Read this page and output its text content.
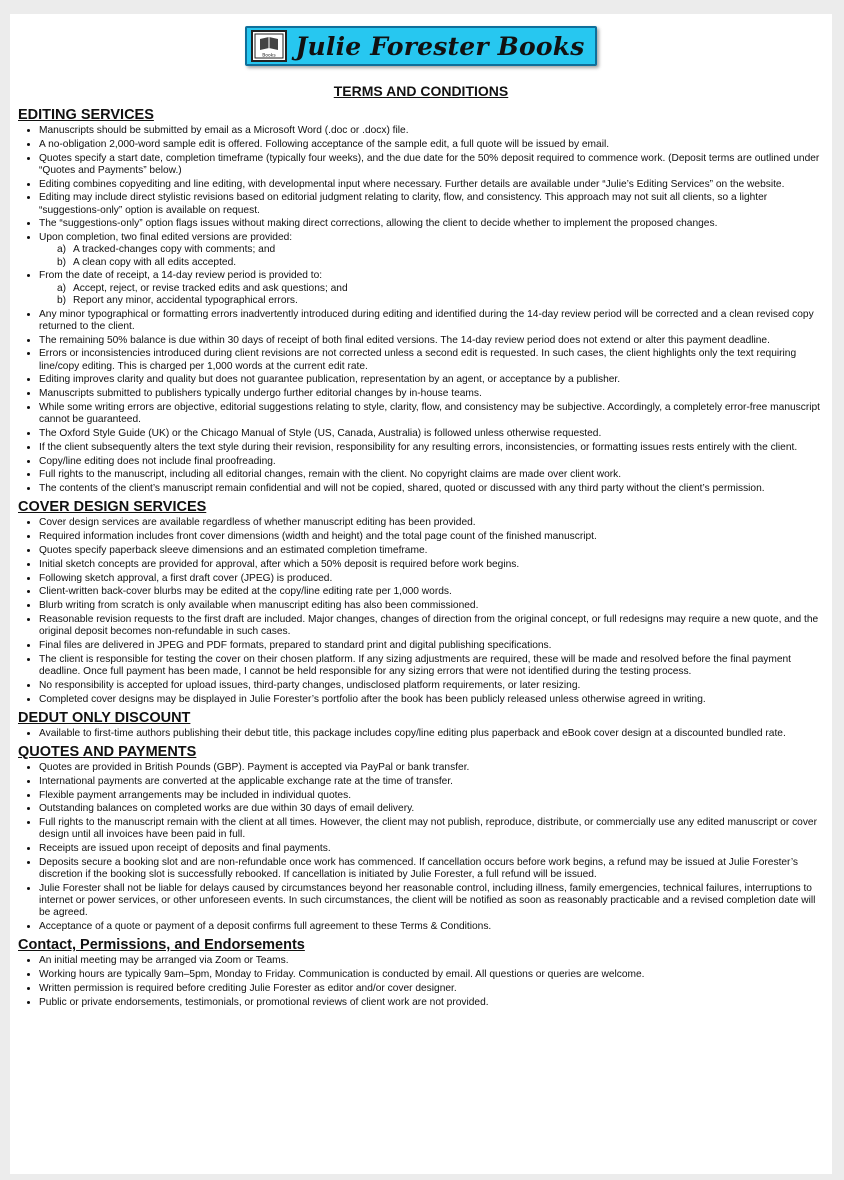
Books Julie Forester Books
TERMS AND CONDITIONS
EDITING SERVICES
• Manuscripts should be submitted by email as a Microsoft Word (.doc or .docx) file.
• A no-obligation 2,000-word sample edit is offered. Following acceptance of the sample edit, a full quote will be issued by email.
• Quotes specify a start date, completion timeframe (typically four weeks), and the due date for the 50% deposit required to commence work. (Deposit terms are outlined under “Quotes and Payments” below.)
• Editing combines copyediting and line editing, with developmental input where necessary. Further details are available under “Julie’s Editing Services” on the website.
• Editing may include direct stylistic revisions based on editorial judgment relating to clarity, flow, and consistency. This approach may not suit all clients, so a lighter “suggestions-only” option is available on request.
• The “suggestions-only” option flags issues without making direct corrections, allowing the client to decide whether to implement the proposed changes.
• Upon completion, two final edited versions are provided:
a) A tracked-changes copy with comments; and
b) A clean copy with all edits accepted.
• From the date of receipt, a 14-day review period is provided to:
a) Accept, reject, or revise tracked edits and ask questions; and
b) Report any minor, accidental typographical errors.
• Any minor typographical or formatting errors inadvertently introduced during editing and identified during the 14-day review period will be corrected and a clean revised copy returned to the client.
• The remaining 50% balance is due within 30 days of receipt of both final edited versions. The 14-day review period does not extend or alter this payment deadline.
• Errors or inconsistencies introduced during client revisions are not corrected unless a second edit is requested. In such cases, the client highlights only the text requiring line/copy editing. This is charged per 1,000 words at the current edit rate.
• Editing improves clarity and quality but does not guarantee publication, representation by an agent, or acceptance by a publisher.
• Manuscripts submitted to publishers typically undergo further editorial changes by in-house teams.
• While some writing errors are objective, editorial suggestions relating to style, clarity, flow, and consistency may be subjective. Accordingly, a completely error-free manuscript cannot be guaranteed.
• The Oxford Style Guide (UK) or the Chicago Manual of Style (US, Canada, Australia) is followed unless otherwise requested.
• If the client subsequently alters the text style during their revision, responsibility for any resulting errors, inconsistencies, or formatting issues rests entirely with the client.
• Copy/line editing does not include final proofreading.
• Full rights to the manuscript, including all editorial changes, remain with the client. No copyright claims are made over client work.
• The contents of the client’s manuscript remain confidential and will not be copied, shared, quoted or discussed with any third party without the client’s permission.
COVER DESIGN SERVICES
• Cover design services are available regardless of whether manuscript editing has been provided.
• Required information includes front cover dimensions (width and height) and the total page count of the finished manuscript.
• Quotes specify paperback sleeve dimensions and an estimated completion timeframe.
• Initial sketch concepts are provided for approval, after which a 50% deposit is required before work begins.
• Following sketch approval, a first draft cover (JPEG) is produced.
• Client-written back-cover blurbs may be edited at the copy/line editing rate per 1,000 words.
• Blurb writing from scratch is only available when manuscript editing has also been commissioned.
• Reasonable revision requests to the first draft are included. Major changes, changes of direction from the original concept, or full redesigns may require a new quote, and the original deposit becomes non-refundable in such cases.
• Final files are delivered in JPEG and PDF formats, prepared to standard print and digital publishing specifications.
• The client is responsible for testing the cover on their chosen platform. If any sizing adjustments are required, these will be made and resolved before the final payment deadline. Once full payment has been made, I cannot be held responsible for any sizing errors that were not identified during the testing process.
• No responsibility is accepted for upload issues, third-party changes, undisclosed platform requirements, or later resizing.
• Completed cover designs may be displayed in Julie Forester’s portfolio after the book has been publicly released unless otherwise agreed in writing.
DEDUT ONLY DISCOUNT
• Available to first-time authors publishing their debut title, this package includes copy/line editing plus paperback and eBook cover design at a discounted bundled rate.
QUOTES AND PAYMENTS
• Quotes are provided in British Pounds (GBP). Payment is accepted via PayPal or bank transfer.
• International payments are converted at the applicable exchange rate at the time of transfer.
• Flexible payment arrangements may be included in individual quotes.
• Outstanding balances on completed works are due within 30 days of email delivery.
• Full rights to the manuscript remain with the client at all times. However, the client may not publish, reproduce, distribute, or commercially use any edited manuscript or cover design until all invoices have been paid in full.
• Receipts are issued upon receipt of deposits and final payments.
• Deposits secure a booking slot and are non-refundable once work has commenced. If cancellation occurs before work begins, a refund may be issued at Julie Forester’s discretion if the booking slot is successfully rebooked. If cancellation is initiated by Julie Forester, a full refund will be issued.
• Julie Forester shall not be liable for delays caused by circumstances beyond her reasonable control, including illness, family emergencies, technical failures, interruptions to internet or power services, or other unforeseen events. In such circumstances, the client will be notified as soon as reasonably practicable and a revised completion date will be agreed.
• Acceptance of a quote or payment of a deposit confirms full agreement to these Terms & Conditions.
Contact, Permissions, and Endorsements
• An initial meeting may be arranged via Zoom or Teams.
• Working hours are typically 9am–5pm, Monday to Friday. Communication is conducted by email. All questions or queries are welcome.
• Written permission is required before crediting Julie Forester as editor and/or cover designer.
• Public or private endorsements, testimonials, or promotional reviews of client work are not provided.
